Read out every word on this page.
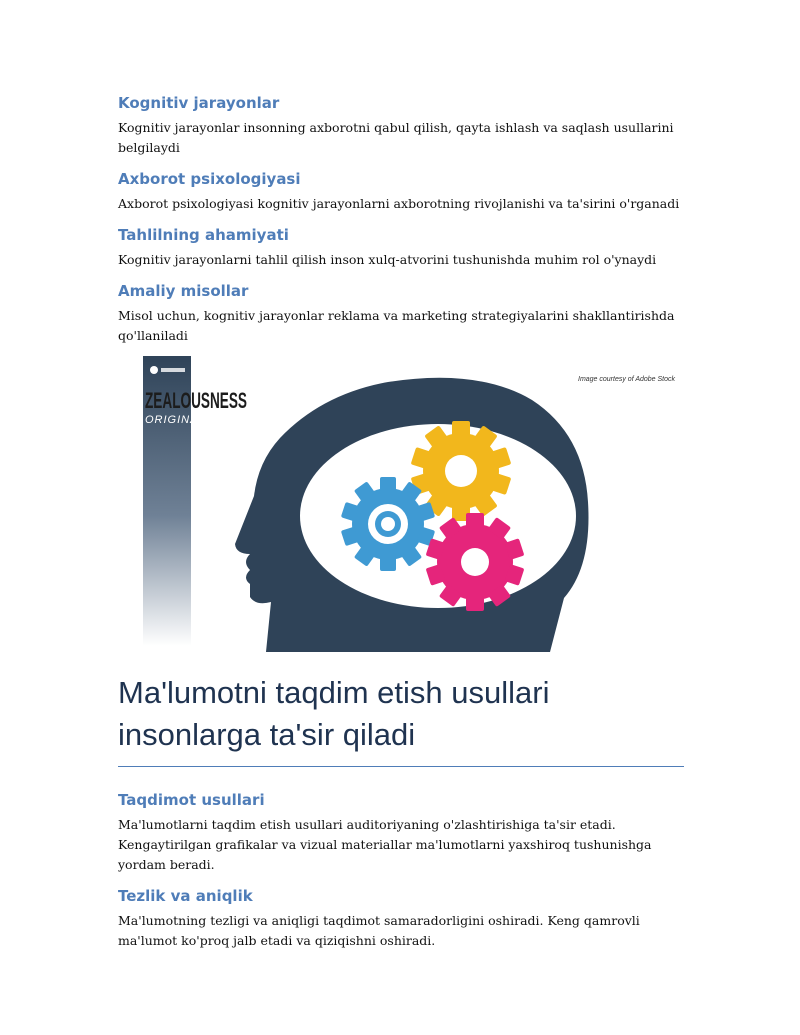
Kognitiv jarayonlar

Kognitiv jarayonlar insonning axborotni qabul qilish, qayta ishlash va saqlash usullarini belgilaydi

Axborot psixologiyasi

Axborot psixologiyasi kognitiv jarayonlarni axborotning rivojlanishi va ta'sirini o'rganadi

Tahlilning ahamiyati

Kognitiv jarayonlarni tahlil qilish inson xulq-atvorini tushunishda muhim rol o'ynaydi

Amaliy misollar

Misol uchun, kognitiv jarayonlar reklama va marketing strategiyalarini shakllantirishda qo'llaniladi

ZEALOUSNESS
ORIGINALS
Image courtesy of Adobe Stock
Ma'lumotni taqdim etish usullari insonlarga ta'sir qiladi
Taqdimot usullari

Ma'lumotlarni taqdim etish usullari auditoriyaning o'zlashtirishiga ta'sir etadi. Kengaytirilgan grafikalar va vizual materiallar ma'lumotlarni yaxshiroq tushunishga yordam beradi.

Tezlik va aniqlik

Ma'lumotning tezligi va aniqligi taqdimot samaradorligini oshiradi. Keng qamrovli ma'lumot ko'proq jalb etadi va qiziqishni oshiradi.
